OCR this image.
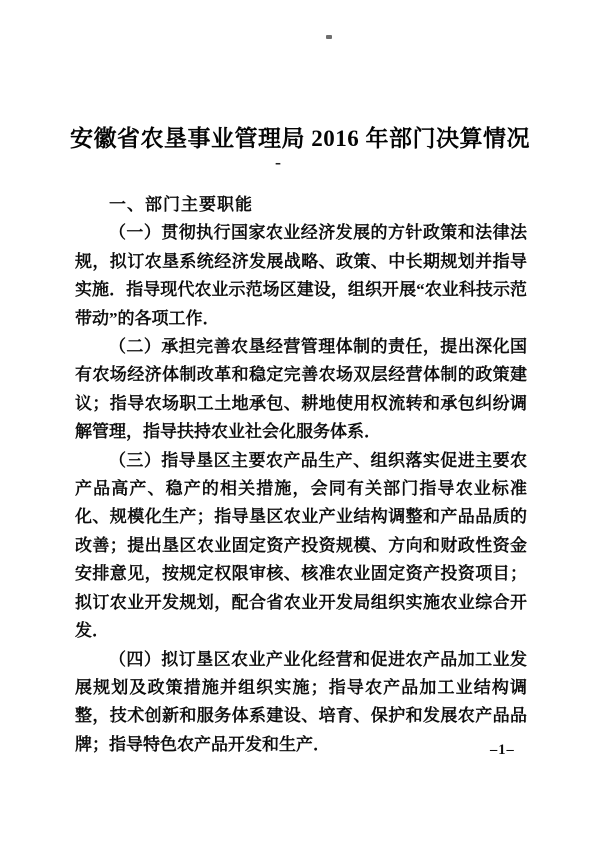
安徽省农垦事业管理局 2016 年部门决算情况
-

一、部门主要职能

（一）贯彻执行国家农业经济发展的方针政策和法律法规，拟订农垦系统经济发展战略、政策、中长期规划并指导实施．指导现代农业示范场区建设，组织开展“农业科技示范带动”的各项工作．

（二）承担完善农垦经营管理体制的责任，提出深化国有农场经济体制改革和稳定完善农场双层经营体制的政策建议；指导农场职工土地承包、耕地使用权流转和承包纠纷调解管理，指导扶持农业社会化服务体系．

（三）指导垦区主要农产品生产、组织落实促进主要农产品高产、稳产的相关措施，会同有关部门指导农业标准化、规模化生产；指导垦区农业产业结构调整和产品品质的改善；提出垦区农业固定资产投资规模、方向和财政性资金安排意见，按规定权限审核、核准农业固定资产投资项目；拟订农业开发规划，配合省农业开发局组织实施农业综合开发．

（四）拟订垦区农业产业化经营和促进农产品加工业发展规划及政策措施并组织实施；指导农产品加工业结构调整，技术创新和服务体系建设、培育、保护和发展农产品品牌；指导特色农产品开发和生产．	–1–
